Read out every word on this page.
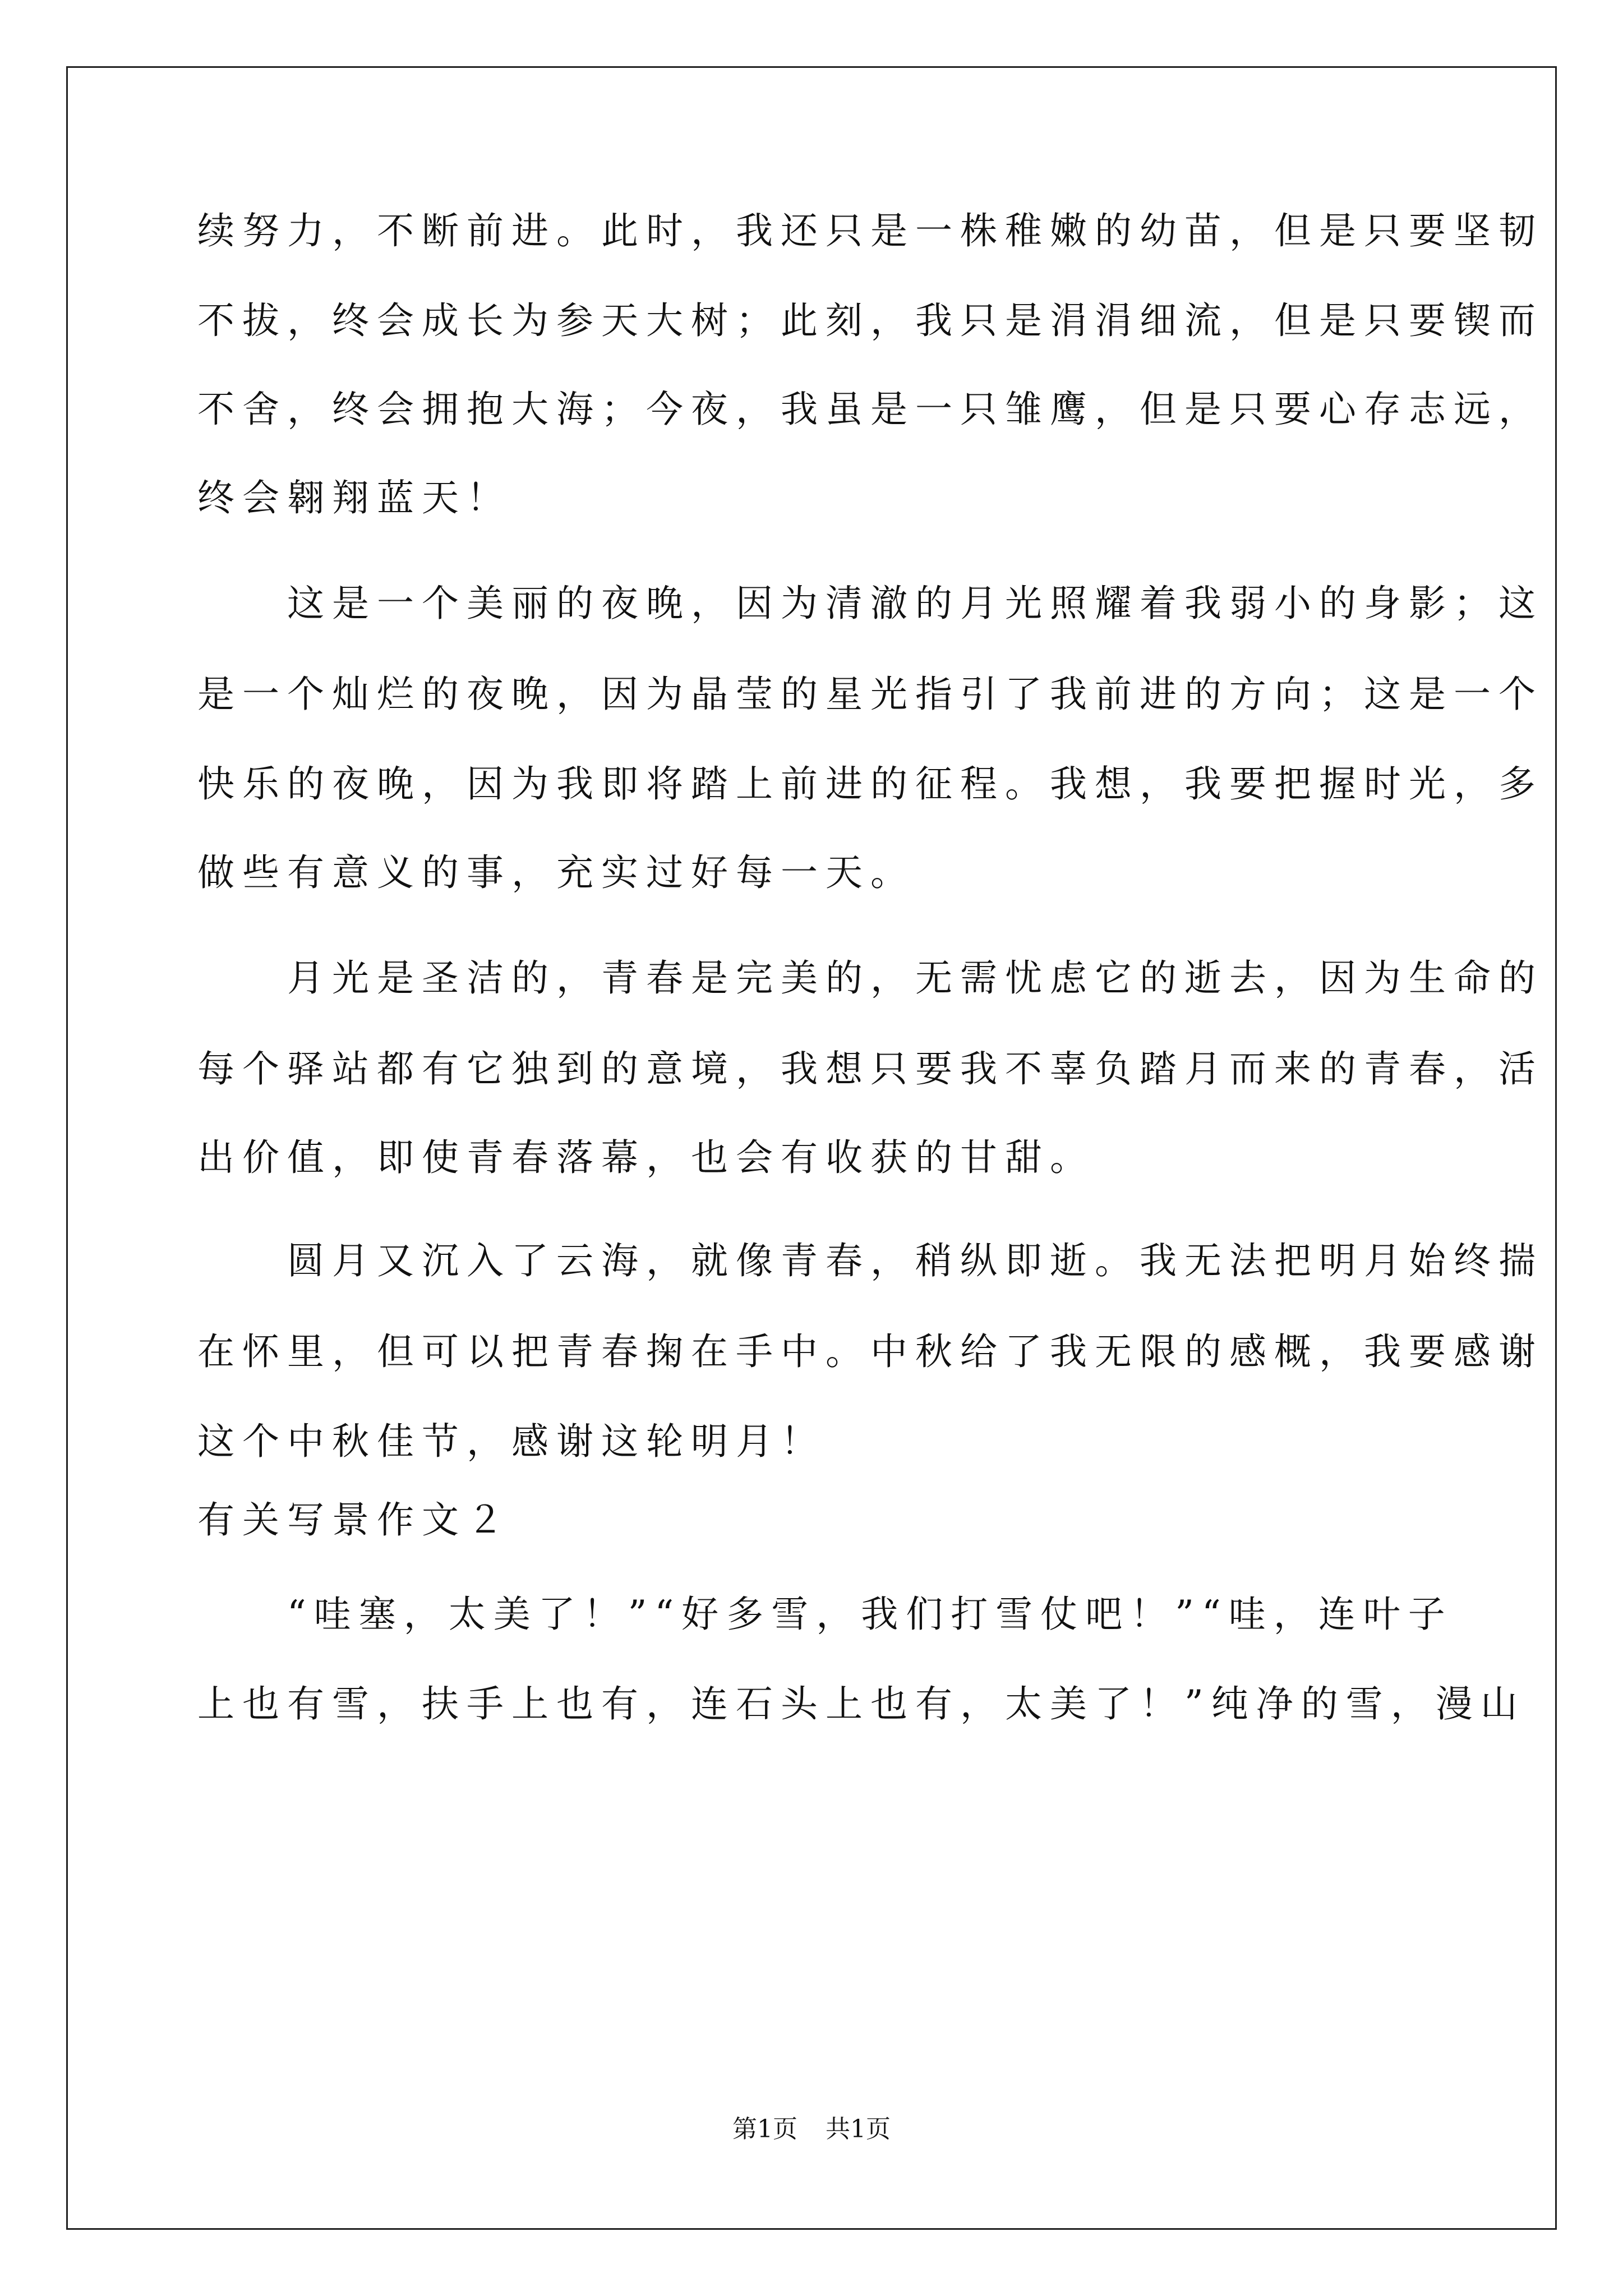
续努力，不断前进。此时，我还只是一株稚嫩的幼苗，但是只要坚韧
不拔，终会成长为参天大树；此刻，我只是涓涓细流，但是只要锲而
不舍，终会拥抱大海；今夜，我虽是一只雏鹰，但是只要心存志远，
终会翱翔蓝天！
　　这是一个美丽的夜晚，因为清澈的月光照耀着我弱小的身影；这
是一个灿烂的夜晚，因为晶莹的星光指引了我前进的方向；这是一个
快乐的夜晚，因为我即将踏上前进的征程。我想，我要把握时光，多
做些有意义的事，充实过好每一天。
　　月光是圣洁的，青春是完美的，无需忧虑它的逝去，因为生命的
每个驿站都有它独到的意境，我想只要我不辜负踏月而来的青春，活
出价值，即使青春落幕，也会有收获的甘甜。
　　圆月又沉入了云海，就像青春，稍纵即逝。我无法把明月始终揣
在怀里，但可以把青春掬在手中。中秋给了我无限的感概，我要感谢
这个中秋佳节，感谢这轮明月！
有关写景作文２
　　“哇塞，太美了！”“好多雪，我们打雪仗吧！”“哇，连叶子
上也有雪，扶手上也有，连石头上也有，太美了！”纯净的雪，漫山
第1页 共1页
